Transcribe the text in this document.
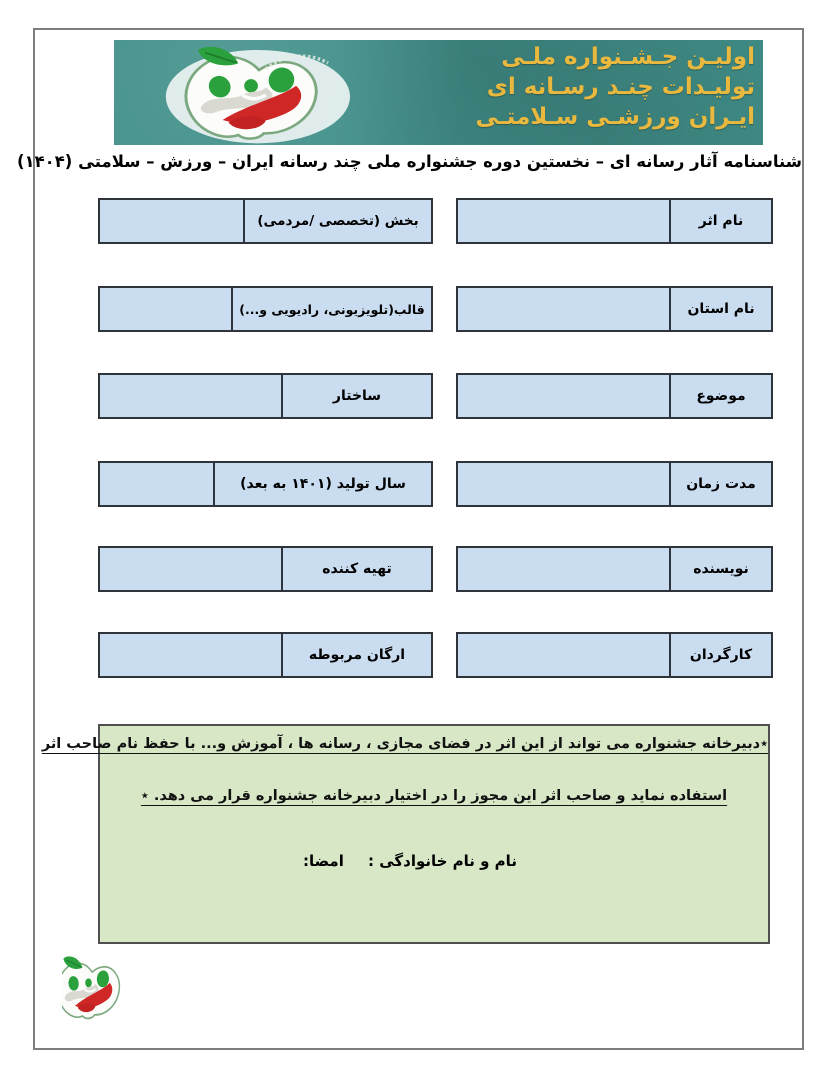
اولیـن جـشـنواره ملـی
تولیـدات چنـد رسـانه ای
ایـران ورزشـی سـلامتـی
شناسنامه آثار رسانه ای – نخستین دوره جشنواره ملی چند رسانه ایران – ورزش – سلامتی (۱۴۰۴)
نام اثر
نام استان
موضوع
مدت زمان
نویسنده
کارگردان
بخش (تخصصی /مردمی)
قالب(تلویزیونی، رادیویی و...)
ساختار
سال تولید (۱۴۰۱ به بعد)
تهیه کننده
ارگان مربوطه
٭دبیرخانه جشنواره می تواند از این اثر در فضای مجازی ، رسانه ها ، آموزش و... با حفظ نام صاحب اثر
استفاده نماید و صاحب اثر این مجوز را در اختیار دبیرخانه جشنواره قرار می دهد. ٭
نام و نام خانوادگی :
امضا:
